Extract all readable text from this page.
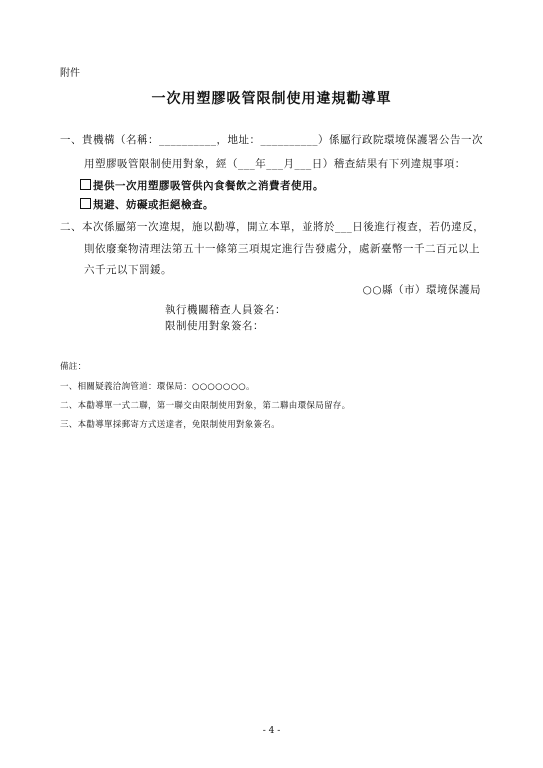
附件
一次用塑膠吸管限制使用違規勸導單
一、貴機構（名稱：__________，地址：__________）係屬行政院環境保護署公告一次
用塑膠吸管限制使用對象，經（___年___月___日）稽查結果有下列違規事項：
提供一次用塑膠吸管供內食餐飲之消費者使用。
規避、妨礙或拒絕檢查。
二、本次係屬第一次違規，施以勸導，開立本單，並將於___日後進行複查，若仍違反，
則依廢棄物清理法第五十一條第三項規定進行告發處分，處新臺幣一千二百元以上
六千元以下罰鍰。
○○縣（市）環境保護局
執行機關稽查人員簽名：
限制使用對象簽名：
備註：
一、相關疑義洽詢管道：環保局：○○○○○○○。
二、本勸導單一式二聯，第一聯交由限制使用對象，第二聯由環保局留存。
三、本勸導單採郵寄方式送達者，免限制使用對象簽名。
- 4 -
